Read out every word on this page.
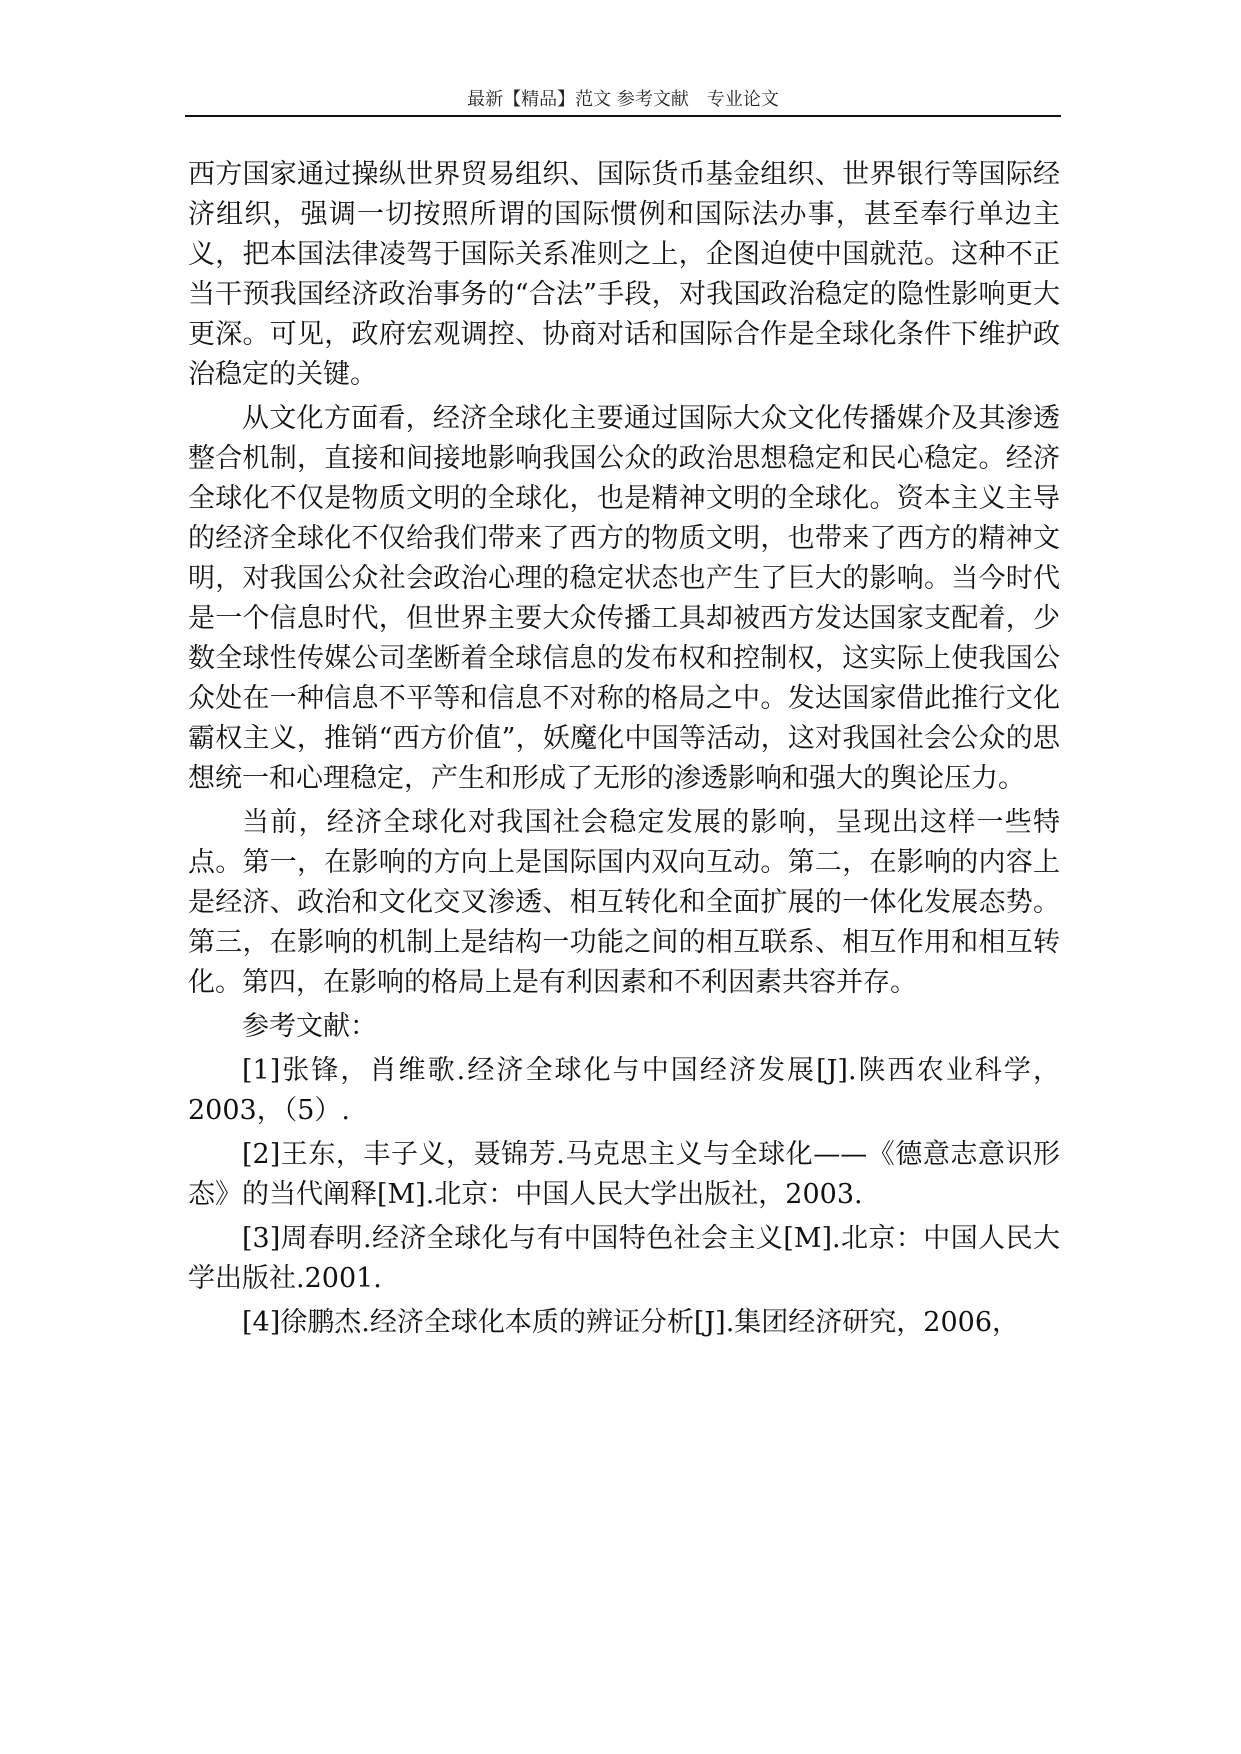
最新【精品】范文 参考文献　专业论文

西方国家通过操纵世界贸易组织、国际货币基金组织、世界银行等国际经济组织，强调一切按照所谓的国际惯例和国际法办事，甚至奉行单边主义，把本国法律凌驾于国际关系准则之上，企图迫使中国就范。这种不正当干预我国经济政治事务的“合法”手段，对我国政治稳定的隐性影响更大更深。可见，政府宏观调控、协商对话和国际合作是全球化条件下维护政治稳定的关键。

从文化方面看，经济全球化主要通过国际大众文化传播媒介及其渗透整合机制，直接和间接地影响我国公众的政治思想稳定和民心稳定。经济全球化不仅是物质文明的全球化，也是精神文明的全球化。资本主义主导的经济全球化不仅给我们带来了西方的物质文明，也带来了西方的精神文明，对我国公众社会政治心理的稳定状态也产生了巨大的影响。当今时代是一个信息时代，但世界主要大众传播工具却被西方发达国家支配着，少数全球性传媒公司垄断着全球信息的发布权和控制权，这实际上使我国公众处在一种信息不平等和信息不对称的格局之中。发达国家借此推行文化霸权主义，推销“西方价值”，妖魔化中国等活动，这对我国社会公众的思想统一和心理稳定，产生和形成了无形的渗透影响和强大的舆论压力。

当前，经济全球化对我国社会稳定发展的影响，呈现出这样一些特点。第一，在影响的方向上是国际国内双向互动。第二，在影响的内容上是经济、政治和文化交叉渗透、相互转化和全面扩展的一体化发展态势。第三，在影响的机制上是结构一功能之间的相互联系、相互作用和相互转化。第四，在影响的格局上是有利因素和不利因素共容并存。

参考文献：

[1]张锋，肖维歌.经济全球化与中国经济发展[J].陕西农业科学，2003，（5）.

[2]王东，丰子义，聂锦芳.马克思主义与全球化——《德意志意识形态》的当代阐释[M].北京：中国人民大学出版社，2003.

[3]周春明.经济全球化与有中国特色社会主义[M].北京：中国人民大学出版社.2001.

[4]徐鹏杰.经济全球化本质的辨证分析[J].集团经济研究，2006，
